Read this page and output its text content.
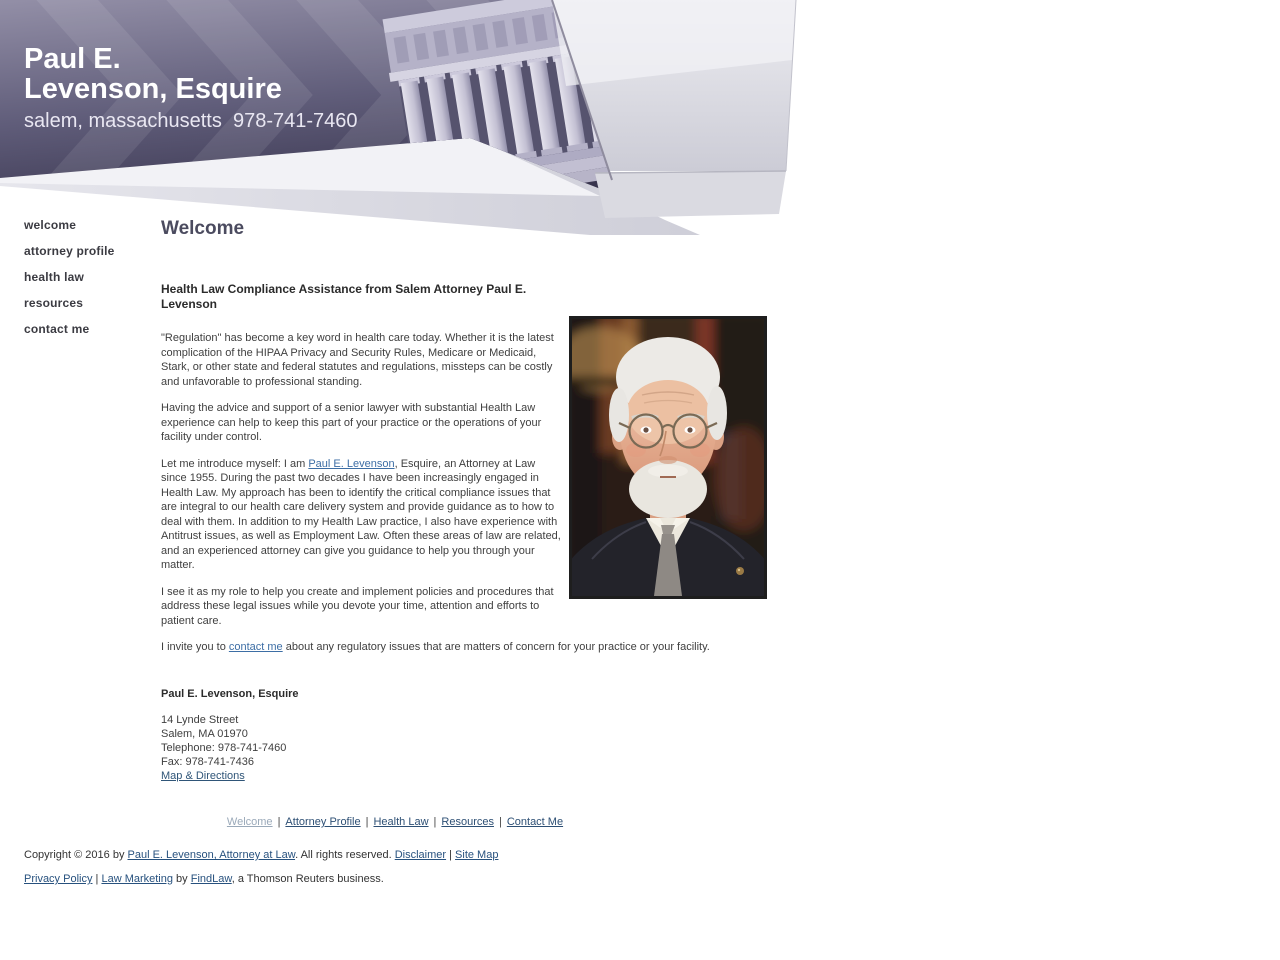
Paul E.
Levenson, Esquire
salem, massachusetts  978-741-7460
welcome
attorney profile
health law
resources
contact me
Welcome
Health Law Compliance Assistance from Salem Attorney Paul E. Levenson

"Regulation" has become a key word in health care today. Whether it is the latest complication of the HIPAA Privacy and Security Rules, Medicare or Medicaid, Stark, or other state and federal statutes and regulations, missteps can be costly and unfavorable to professional standing.

Having the advice and support of a senior lawyer with substantial Health Law experience can help to keep this part of your practice or the operations of your facility under control.

Let me introduce myself: I am Paul E. Levenson, Esquire, an Attorney at Law since 1955. During the past two decades I have been increasingly engaged in Health Law. My approach has been to identify the critical compliance issues that are integral to our health care delivery system and provide guidance as to how to deal with them. In addition to my Health Law practice, I also have experience with Antitrust issues, as well as Employment Law. Often these areas of law are related, and an experienced attorney can give you guidance to help you through your matter.

I see it as my role to help you create and implement policies and procedures that address these legal issues while you devote your time, attention and efforts to patient care.

I invite you to contact me about any regulatory issues that are matters of concern for your practice or your facility.

Paul E. Levenson, Esquire

14 Lynde Street
Salem, MA 01970
Telephone: 978-741-7460
Fax: 978-741-7436
Map & Directions
Welcome | Attorney Profile | Health Law | Resources | Contact Me

Copyright © 2016 by Paul E. Levenson, Attorney at Law. All rights reserved. Disclaimer | Site Map

Privacy Policy | Law Marketing by FindLaw, a Thomson Reuters business.
